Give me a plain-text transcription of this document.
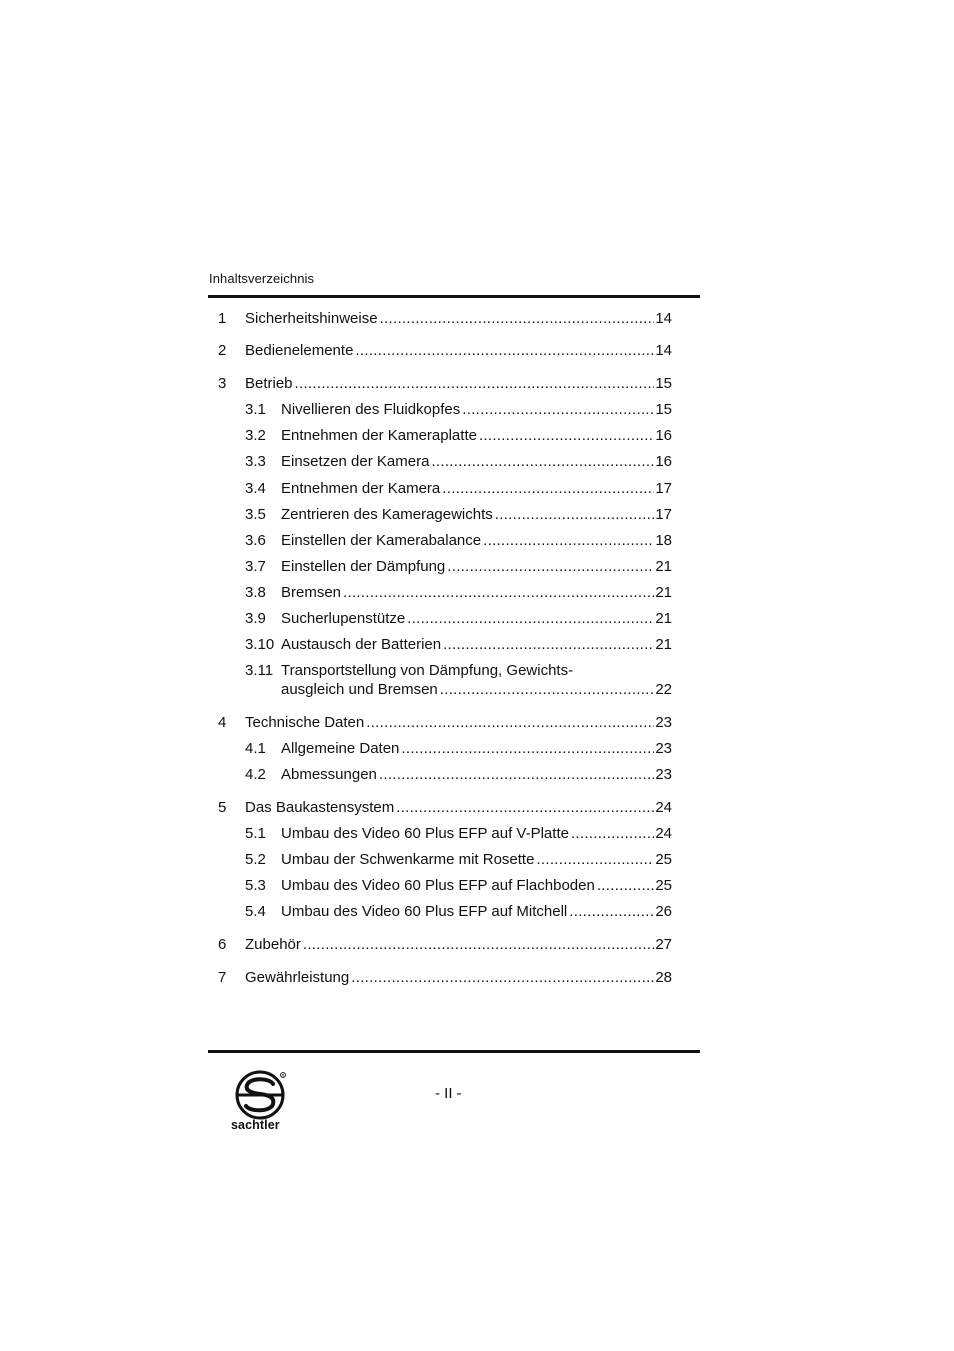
Inhaltsverzeichnis
1 Sicherheitshinweise .....	14
2 Bedienelemente .....	14
3 Betrieb .....	15
3.1 Nivellieren des Fluidkopfes .....	15
3.2 Entnehmen der Kameraplatte .....	16
3.3 Einsetzen der Kamera .....	16
3.4 Entnehmen der Kamera .....	17
3.5 Zentrieren des Kameragewichts .....	17
3.6 Einstellen der Kamerabalance .....	18
3.7 Einstellen der Dämpfung .....	21
3.8 Bremsen .....	21
3.9 Sucherlupenstütze .....	21
3.10 Austausch der Batterien .....	21
3.11 Transportstellung von Dämpfung, Gewichts-
ausgleich und Bremsen .....	22
4 Technische Daten .....	23
4.1 Allgemeine Daten .....	23
4.2 Abmessungen .....	23
5 Das Baukastensystem .....	24
5.1 Umbau des Video 60 Plus EFP auf V-Platte .....	24
5.2 Umbau der Schwenkarme mit Rosette .....	25
5.3 Umbau des Video 60 Plus EFP auf Flachboden .....	25
5.4 Umbau des Video 60 Plus EFP auf Mitchell .....	26
6 Zubehör .....	27
7 Gewährleistung .....	28
R
sachtler
- II -
